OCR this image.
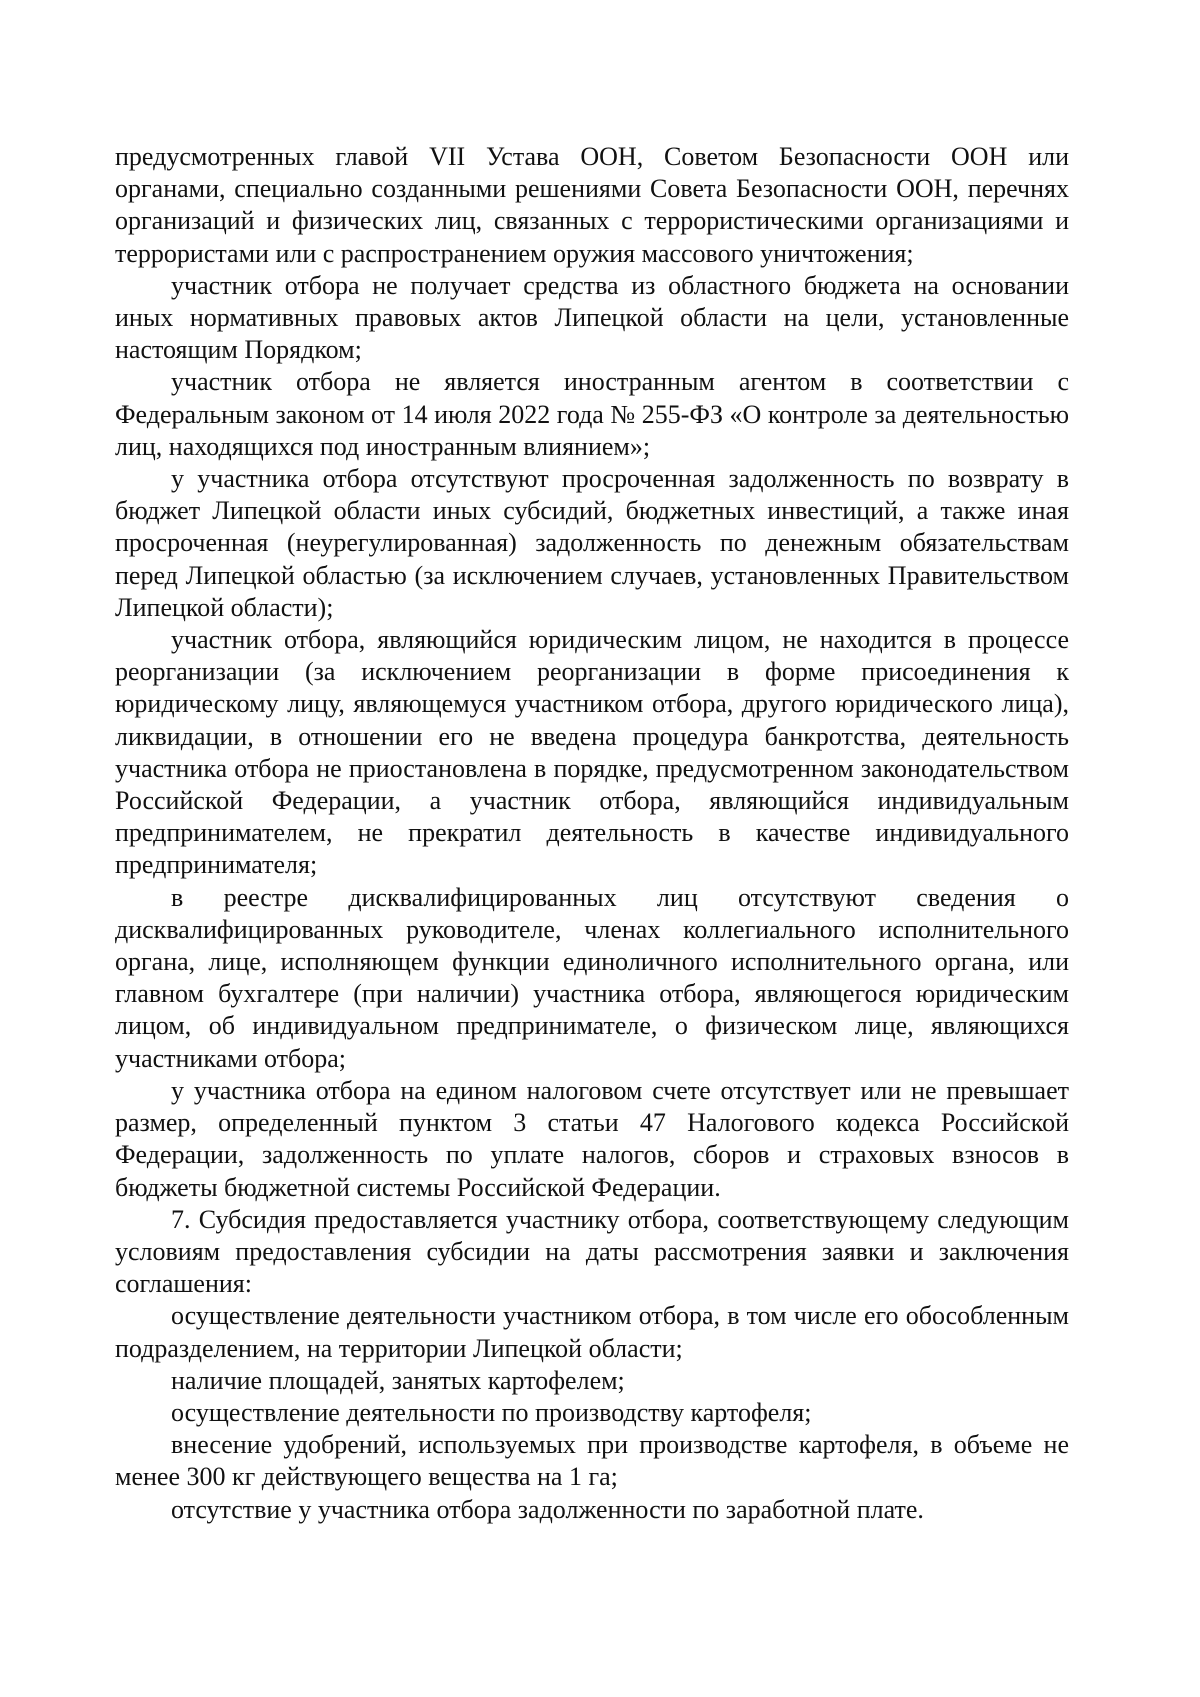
предусмотренных главой VII Устава ООН, Советом Безопасности ООН или органами, специально созданными решениями Совета Безопасности ООН, перечнях организаций и физических лиц, связанных с террористическими организациями и террористами или с распространением оружия массового уничтожения;

участник отбора не получает средства из областного бюджета на основании иных нормативных правовых актов Липецкой области на цели, установленные настоящим Порядком;

участник отбора не является иностранным агентом в соответствии с Федеральным законом от 14 июля 2022 года № 255-ФЗ «О контроле за деятельностью лиц, находящихся под иностранным влиянием»;

у участника отбора отсутствуют просроченная задолженность по возврату в бюджет Липецкой области иных субсидий, бюджетных инвестиций, а также иная просроченная (неурегулированная) задолженность по денежным обязательствам перед Липецкой областью (за исключением случаев, установленных Правительством Липецкой области);

участник отбора, являющийся юридическим лицом, не находится в процессе реорганизации (за исключением реорганизации в форме присоединения к юридическому лицу, являющемуся участником отбора, другого юридического лица), ликвидации, в отношении его не введена процедура банкротства, деятельность участника отбора не приостановлена в порядке, предусмотренном законодательством Российской Федерации, а участник отбора, являющийся индивидуальным предпринимателем, не прекратил деятельность в качестве индивидуального предпринимателя;

в реестре дисквалифицированных лиц отсутствуют сведения о дисквалифицированных руководителе, членах коллегиального исполнительного органа, лице, исполняющем функции единоличного исполнительного органа, или главном бухгалтере (при наличии) участника отбора, являющегося юридическим лицом, об индивидуальном предпринимателе, о физическом лице, являющихся участниками отбора;

у участника отбора на едином налоговом счете отсутствует или не превышает размер, определенный пунктом 3 статьи 47 Налогового кодекса Российской Федерации, задолженность по уплате налогов, сборов и страховых взносов в бюджеты бюджетной системы Российской Федерации.

7. Субсидия предоставляется участнику отбора, соответствующему следующим условиям предоставления субсидии на даты рассмотрения заявки и заключения соглашения:

осуществление деятельности участником отбора, в том числе его обособленным подразделением, на территории Липецкой области;

наличие площадей, занятых картофелем;

осуществление деятельности по производству картофеля;

внесение удобрений, используемых при производстве картофеля, в объеме не менее 300 кг действующего вещества на 1 га;

отсутствие у участника отбора задолженности по заработной плате.
